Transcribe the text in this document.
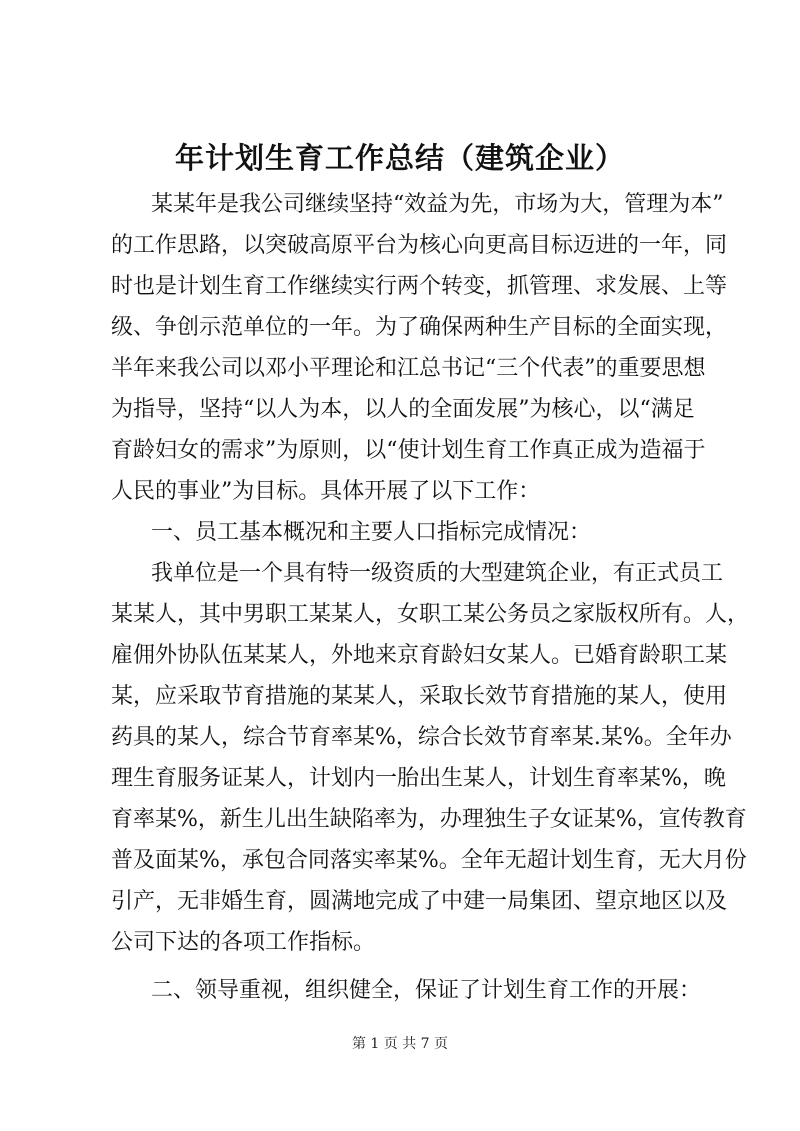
年计划生育工作总结（建筑企业）

某某年是我公司继续坚持“效益为先，市场为大，管理为本”

的工作思路，以突破高原平台为核心向更高目标迈进的一年，同

时也是计划生育工作继续实行两个转变，抓管理、求发展、上等

级、争创示范单位的一年。为了确保两种生产目标的全面实现，

半年来我公司以邓小平理论和江总书记“三个代表”的重要思想

为指导，坚持“以人为本，以人的全面发展”为核心，以“满足

育龄妇女的需求”为原则，以“使计划生育工作真正成为造福于

人民的事业”为目标。具体开展了以下工作：

一、员工基本概况和主要人口指标完成情况：

我单位是一个具有特一级资质的大型建筑企业，有正式员工

某某人，其中男职工某某人，女职工某公务员之家版权所有。人，

雇佣外协队伍某某人，外地来京育龄妇女某人。已婚育龄职工某

某，应采取节育措施的某某人，采取长效节育措施的某人，使用

药具的某人，综合节育率某%，综合长效节育率某.某%。全年办

理生育服务证某人，计划内一胎出生某人，计划生育率某%，晚

育率某%，新生儿出生缺陷率为，办理独生子女证某%，宣传教育

普及面某%，承包合同落实率某%。全年无超计划生育，无大月份

引产，无非婚生育，圆满地完成了中建一局集团、望京地区以及

公司下达的各项工作指标。

二、领导重视，组织健全，保证了计划生育工作的开展：

第 1 页 共 7 页
